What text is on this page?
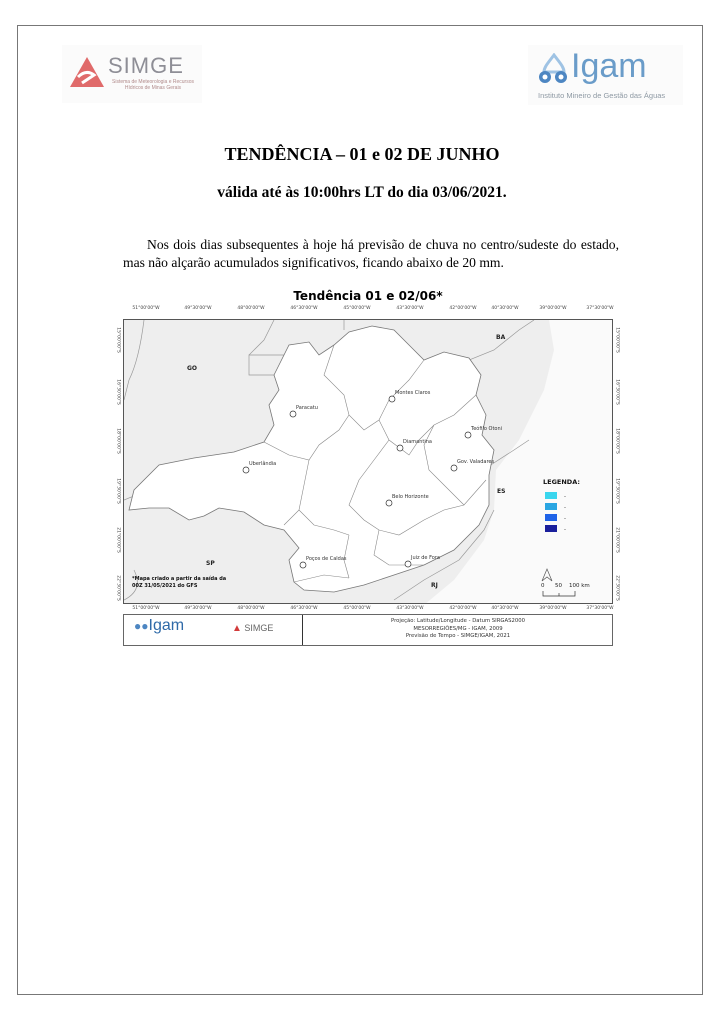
SIMGE
Sistema de Meteorologia e Recursos Hídricos de Minas Gerais
Igam
Instituto Mineiro de Gestão das Águas
TENDÊNCIA – 01 e 02 DE JUNHO
válida até às 10:00hrs LT do dia 03/06/2021.
Nos dois dias subsequentes à hoje há previsão de chuva no centro/sudeste do estado, mas não alçarão acumulados significativos, ficando abaixo de 20 mm.
Tendência 01 e 02/06*
51°00'00"W	49°30'00"W	48°00'00"W	46°30'00"W	45°00'00"W	43°30'00"W	42°00'00"W	40°30'00"W	39°00'00"W	37°30'00"W
51°00'00"W	49°30'00"W	48°00'00"W	46°30'00"W	45°00'00"W	43°30'00"W	42°00'00"W	40°30'00"W	39°00'00"W	37°30'00"W
15°00'00"S
16°30'00"S
18°00'00"S
19°30'00"S
21°00'00"S
22°30'00"S
15°00'00"S
16°30'00"S
18°00'00"S
19°30'00"S
21°00'00"S
22°30'00"S
GO
BA
ES
SP
RJ
Montes Claros
Paracatu
Teófilo Otoni
Diamantina
Gov. Valadares
Uberlândia
Belo Horizonte
Poços de Caldas	Juiz de Fora
*Mapa criado a partir da saída da
00Z 31/05/2021 do GFS
LEGENDA:
-
-
-
-
0 50 100 km
●●Igam	▲ SIMGE
Projeção: Latitude/Longitude - Datum SIRGAS2000
MESORREGIÕES/MG - IGAM, 2009
Previsão de Tempo - SIMGE/IGAM, 2021
